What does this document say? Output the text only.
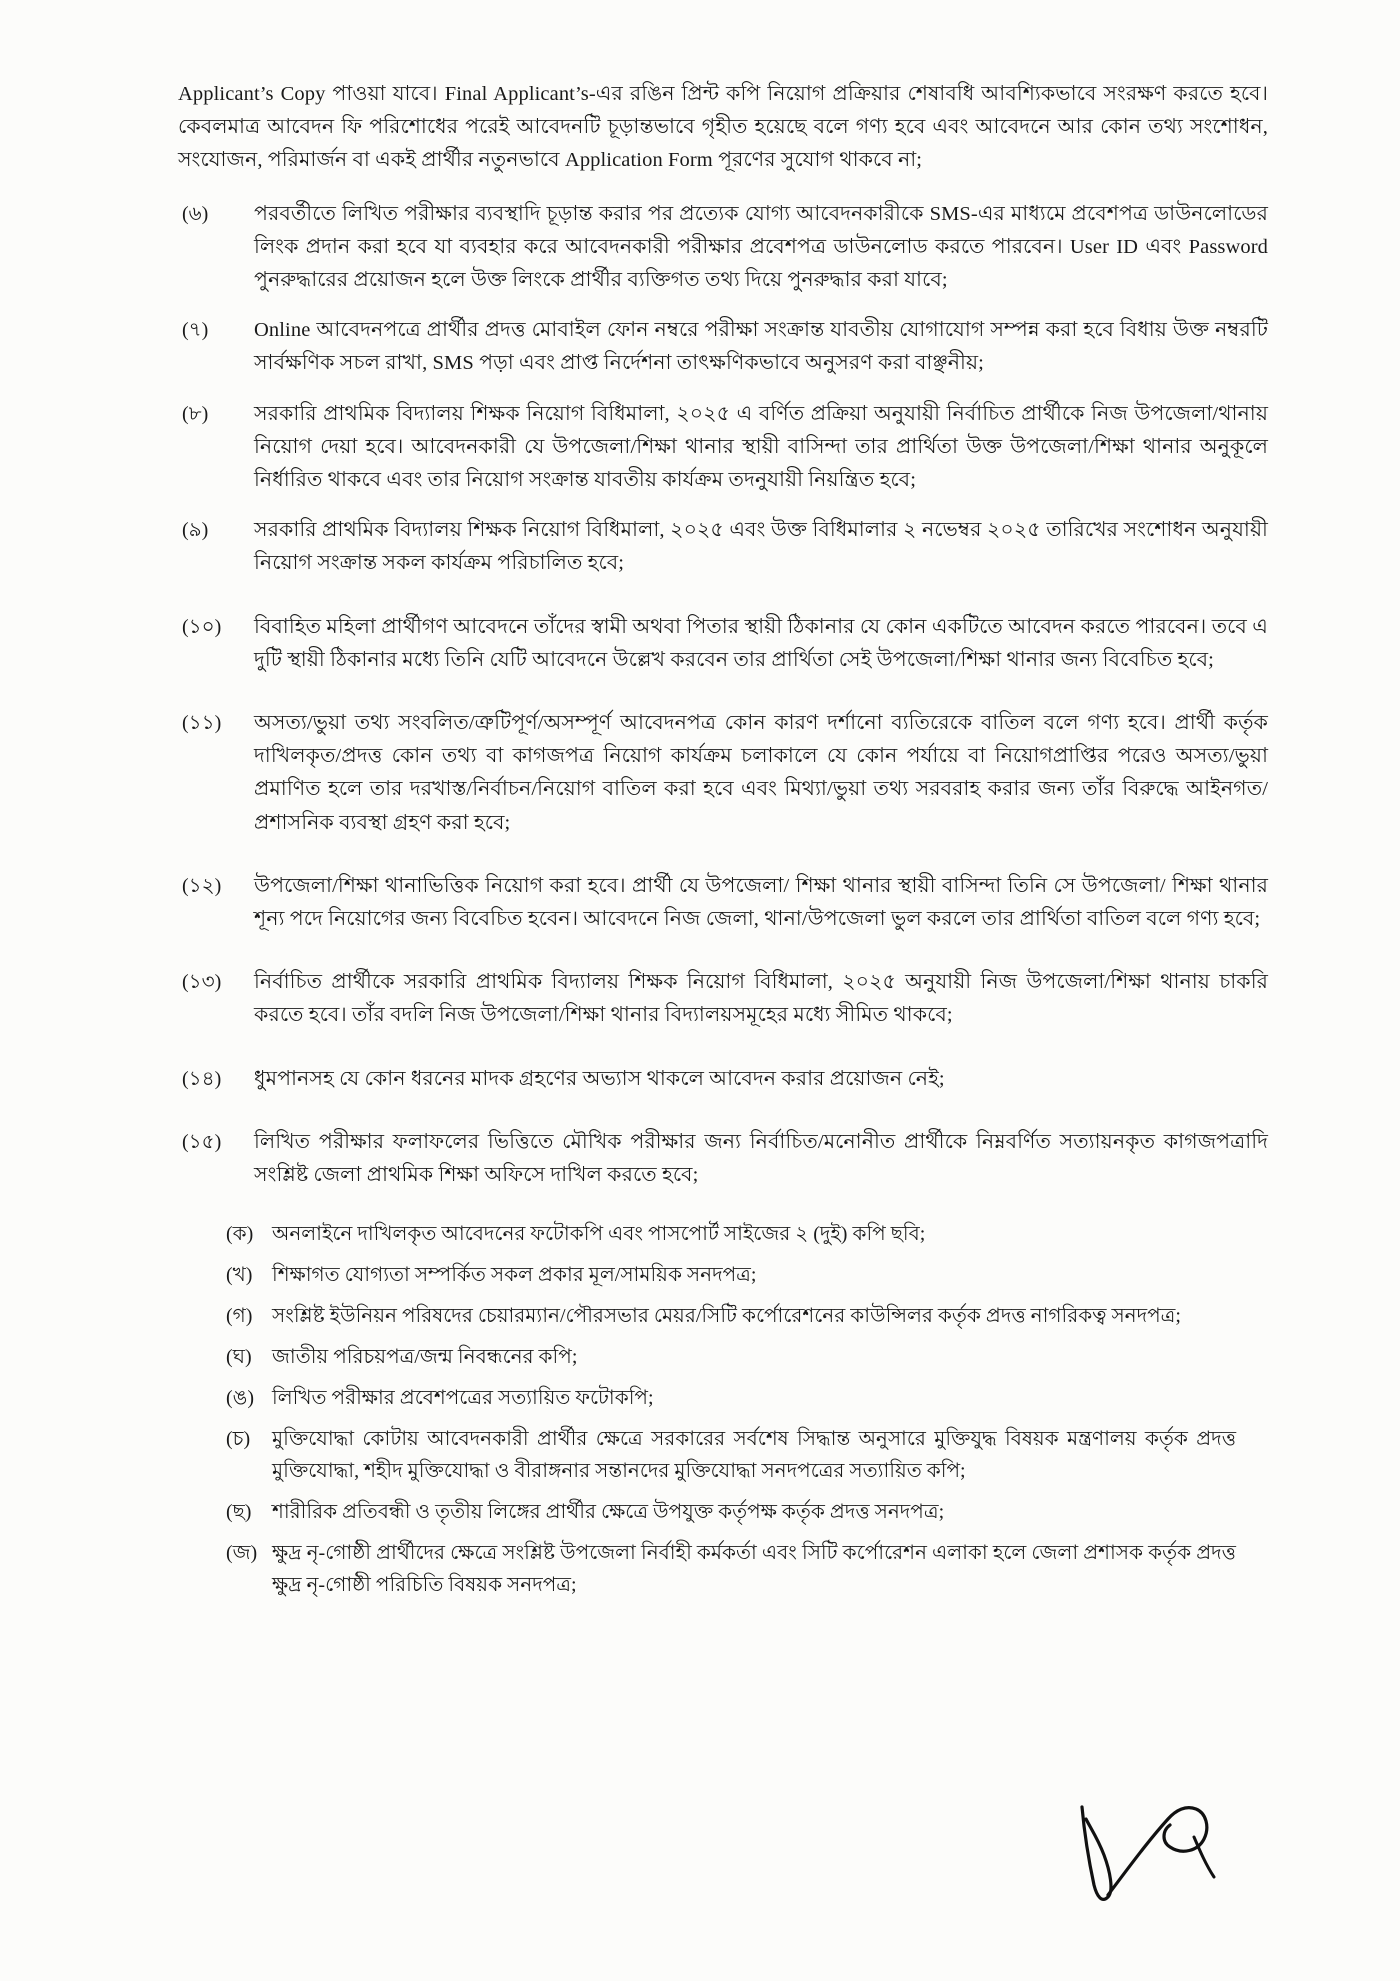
Applicant’s Copy পাওয়া যাবে। Final Applicant’s-এর রঙিন প্রিন্ট কপি নিয়োগ প্রক্রিয়ার শেষাবধি আবশ্যিকভাবে সংরক্ষণ করতে হবে। কেবলমাত্র আবেদন ফি পরিশোধের পরেই আবেদনটি চূড়ান্তভাবে গৃহীত হয়েছে বলে গণ্য হবে এবং আবেদনে আর কোন তথ্য সংশোধন, সংযোজন, পরিমার্জন বা একই প্রার্থীর নতুনভাবে Application Form পূরণের সুযোগ থাকবে না;

(৬)	পরবর্তীতে লিখিত পরীক্ষার ব্যবস্থাদি চূড়ান্ত করার পর প্রত্যেক যোগ্য আবেদনকারীকে SMS-এর মাধ্যমে প্রবেশপত্র ডাউনলোডের লিংক প্রদান করা হবে যা ব্যবহার করে আবেদনকারী পরীক্ষার প্রবেশপত্র ডাউনলোড করতে পারবেন। User ID এবং Password পুনরুদ্ধারের প্রয়োজন হলে উক্ত লিংকে প্রার্থীর ব্যক্তিগত তথ্য দিয়ে পুনরুদ্ধার করা যাবে;
(৭)	Online আবেদনপত্রে প্রার্থীর প্রদত্ত মোবাইল ফোন নম্বরে পরীক্ষা সংক্রান্ত যাবতীয় যোগাযোগ সম্পন্ন করা হবে বিধায় উক্ত নম্বরটি সার্বক্ষণিক সচল রাখা, SMS পড়া এবং প্রাপ্ত নির্দেশনা তাৎক্ষণিকভাবে অনুসরণ করা বাঞ্ছনীয়;
(৮)	সরকারি প্রাথমিক বিদ্যালয় শিক্ষক নিয়োগ বিধিমালা, ২০২৫ এ বর্ণিত প্রক্রিয়া অনুযায়ী নির্বাচিত প্রার্থীকে নিজ উপজেলা/থানায় নিয়োগ দেয়া হবে। আবেদনকারী যে উপজেলা/শিক্ষা থানার স্থায়ী বাসিন্দা তার প্রার্থিতা উক্ত উপজেলা/শিক্ষা থানার অনুকূলে নির্ধারিত থাকবে এবং তার নিয়োগ সংক্রান্ত যাবতীয় কার্যক্রম তদনুযায়ী নিয়ন্ত্রিত হবে;
(৯)	সরকারি প্রাথমিক বিদ্যালয় শিক্ষক নিয়োগ বিধিমালা, ২০২৫ এবং উক্ত বিধিমালার ২ নভেম্বর ২০২৫ তারিখের সংশোধন অনুযায়ী নিয়োগ সংক্রান্ত সকল কার্যক্রম পরিচালিত হবে;
(১০)	বিবাহিত মহিলা প্রার্থীগণ আবেদনে তাঁদের স্বামী অথবা পিতার স্থায়ী ঠিকানার যে কোন একটিতে আবেদন করতে পারবেন। তবে এ দুটি স্থায়ী ঠিকানার মধ্যে তিনি যেটি আবেদনে উল্লেখ করবেন তার প্রার্থিতা সেই উপজেলা/শিক্ষা থানার জন্য বিবেচিত হবে;
(১১)	অসত্য/ভুয়া তথ্য সংবলিত/ত্রুটিপূর্ণ/অসম্পূর্ণ আবেদনপত্র কোন কারণ দর্শানো ব্যতিরেকে বাতিল বলে গণ্য হবে। প্রার্থী কর্তৃক দাখিলকৃত/প্রদত্ত কোন তথ্য বা কাগজপত্র নিয়োগ কার্যক্রম চলাকালে যে কোন পর্যায়ে বা নিয়োগপ্রাপ্তির পরেও অসত্য/ভুয়া প্রমাণিত হলে তার দরখাস্ত/নির্বাচন/নিয়োগ বাতিল করা হবে এবং মিথ্যা/ভুয়া তথ্য সরবরাহ করার জন্য তাঁর বিরুদ্ধে আইনগত/প্রশাসনিক ব্যবস্থা গ্রহণ করা হবে;
(১২)	উপজেলা/শিক্ষা থানাভিত্তিক নিয়োগ করা হবে। প্রার্থী যে উপজেলা/ শিক্ষা থানার স্থায়ী বাসিন্দা তিনি সে উপজেলা/ শিক্ষা থানার শূন্য পদে নিয়োগের জন্য বিবেচিত হবেন। আবেদনে নিজ জেলা, থানা/উপজেলা ভুল করলে তার প্রার্থিতা বাতিল বলে গণ্য হবে;
(১৩)	নির্বাচিত প্রার্থীকে সরকারি প্রাথমিক বিদ্যালয় শিক্ষক নিয়োগ বিধিমালা, ২০২৫ অনুযায়ী নিজ উপজেলা/শিক্ষা থানায় চাকরি করতে হবে। তাঁর বদলি নিজ উপজেলা/শিক্ষা থানার বিদ্যালয়সমূহের মধ্যে সীমিত থাকবে;
(১৪)	ধুমপানসহ যে কোন ধরনের মাদক গ্রহণের অভ্যাস থাকলে আবেদন করার প্রয়োজন নেই;
(১৫)	লিখিত পরীক্ষার ফলাফলের ভিত্তিতে মৌখিক পরীক্ষার জন্য নির্বাচিত/মনোনীত প্রার্থীকে নিম্নবর্ণিত সত্যায়নকৃত কাগজপত্রাদি সংশ্লিষ্ট জেলা প্রাথমিক শিক্ষা অফিসে দাখিল করতে হবে;
(ক) অনলাইনে দাখিলকৃত আবেদনের ফটোকপি এবং পাসপোর্ট সাইজের ২ (দুই) কপি ছবি;
(খ) শিক্ষাগত যোগ্যতা সম্পর্কিত সকল প্রকার মূল/সাময়িক সনদপত্র;
(গ) সংশ্লিষ্ট ইউনিয়ন পরিষদের চেয়ারম্যান/পৌরসভার মেয়র/সিটি কর্পোরেশনের কাউন্সিলর কর্তৃক প্রদত্ত নাগরিকত্ব সনদপত্র;
(ঘ)	জাতীয় পরিচয়পত্র/জন্ম নিবন্ধনের কপি;
(ঙ) লিখিত পরীক্ষার প্রবেশপত্রের সত্যায়িত ফটোকপি;
(চ)	মুক্তিযোদ্ধা কোটায় আবেদনকারী প্রার্থীর ক্ষেত্রে সরকারের সর্বশেষ সিদ্ধান্ত অনুসারে মুক্তিযুদ্ধ বিষয়ক মন্ত্রণালয় কর্তৃক প্রদত্ত মুক্তিযোদ্ধা, শহীদ মুক্তিযোদ্ধা ও বীরাঙ্গনার সন্তানদের মুক্তিযোদ্ধা সনদপত্রের সত্যায়িত কপি;
(ছ)	শারীরিক প্রতিবন্ধী ও তৃতীয় লিঙ্গের প্রার্থীর ক্ষেত্রে উপযুক্ত কর্তৃপক্ষ কর্তৃক প্রদত্ত সনদপত্র;
(জ) ক্ষুদ্র নৃ-গোষ্ঠী প্রার্থীদের ক্ষেত্রে সংশ্লিষ্ট উপজেলা নির্বাহী কর্মকর্তা এবং সিটি কর্পোরেশন এলাকা হলে জেলা প্রশাসক কর্তৃক প্রদত্ত ক্ষুদ্র নৃ-গোষ্ঠী পরিচিতি বিষয়ক সনদপত্র;
